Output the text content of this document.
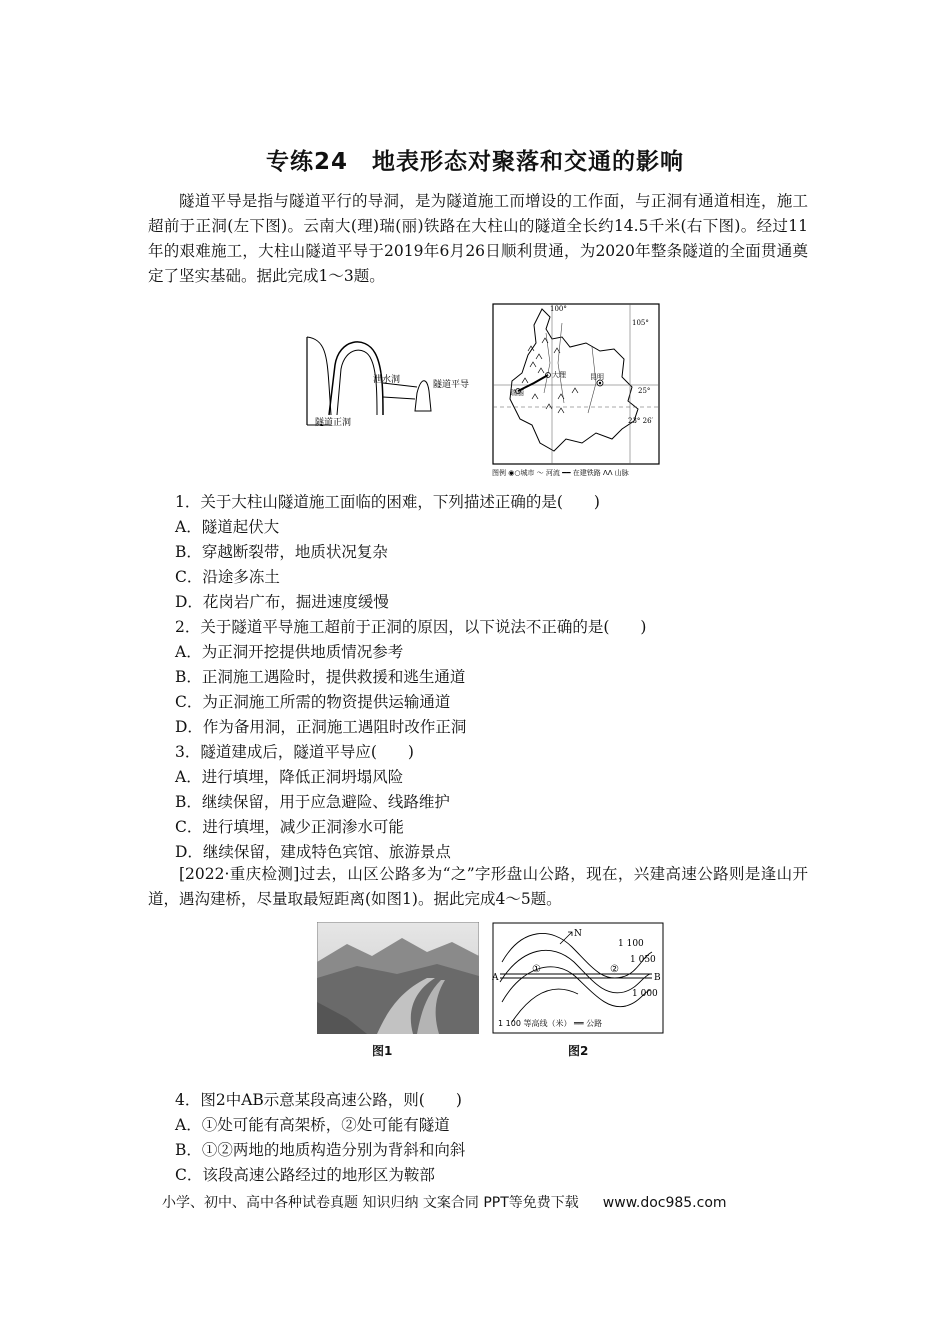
专练24　地表形态对聚落和交通的影响

隧道平导是指与隧道平行的导洞，是为隧道施工而增设的工作面，与正洞有通道相连，施工超前于正洞(左下图)。云南大(理)瑞(丽)铁路在大柱山的隧道全长约14.5千米(右下图)。经过11年的艰难施工，大柱山隧道平导于2019年6月26日顺利贯通，为2020年整条隧道的全面贯通奠定了坚实基础。据此完成1～3题。

泄水洞	隧道平导
隧道正洞
100°
105°
25°
23° 26′
大理	昆明
瑞丽
图例 ◉○城市 ～ 河流 ━━ 在建铁路 ᐱᐱ 山脉
1．关于大柱山隧道施工面临的困难，下列描述正确的是(　　)
A．隧道起伏大
B．穿越断裂带，地质状况复杂
C．沿途多冻土
D．花岗岩广布，掘进速度缓慢
2．关于隧道平导施工超前于正洞的原因，以下说法不正确的是(　　)
A．为正洞开挖提供地质情况参考
B．正洞施工遇险时，提供救援和逃生通道
C．为正洞施工所需的物资提供运输通道
D．作为备用洞，正洞施工遇阻时改作正洞
3．隧道建成后，隧道平导应(　　)
A．进行填埋，降低正洞坍塌风险
B．继续保留，用于应急避险、线路维护
C．进行填埋，减少正洞渗水可能
D．继续保留，建成特色宾馆、旅游景点

[2022·重庆检测]过去，山区公路多为“之”字形盘山公路，现在，兴建高速公路则是逢山开道，遇沟建桥，尽量取最短距离(如图1)。据此完成4～5题。

图1
N
1 100
1 050
1 000
A	B
①	②
1 100 等高线（米） ══ 公路
图2
4．图2中AB示意某段高速公路，则(　　)
A．①处可能有高架桥，②处可能有隧道
B．①②两地的地质构造分别为背斜和向斜
C．该段高速公路经过的地形区为鞍部
小学、初中、高中各种试卷真题 知识归纳 文案合同 PPT等免费下载 www.doc985.com
